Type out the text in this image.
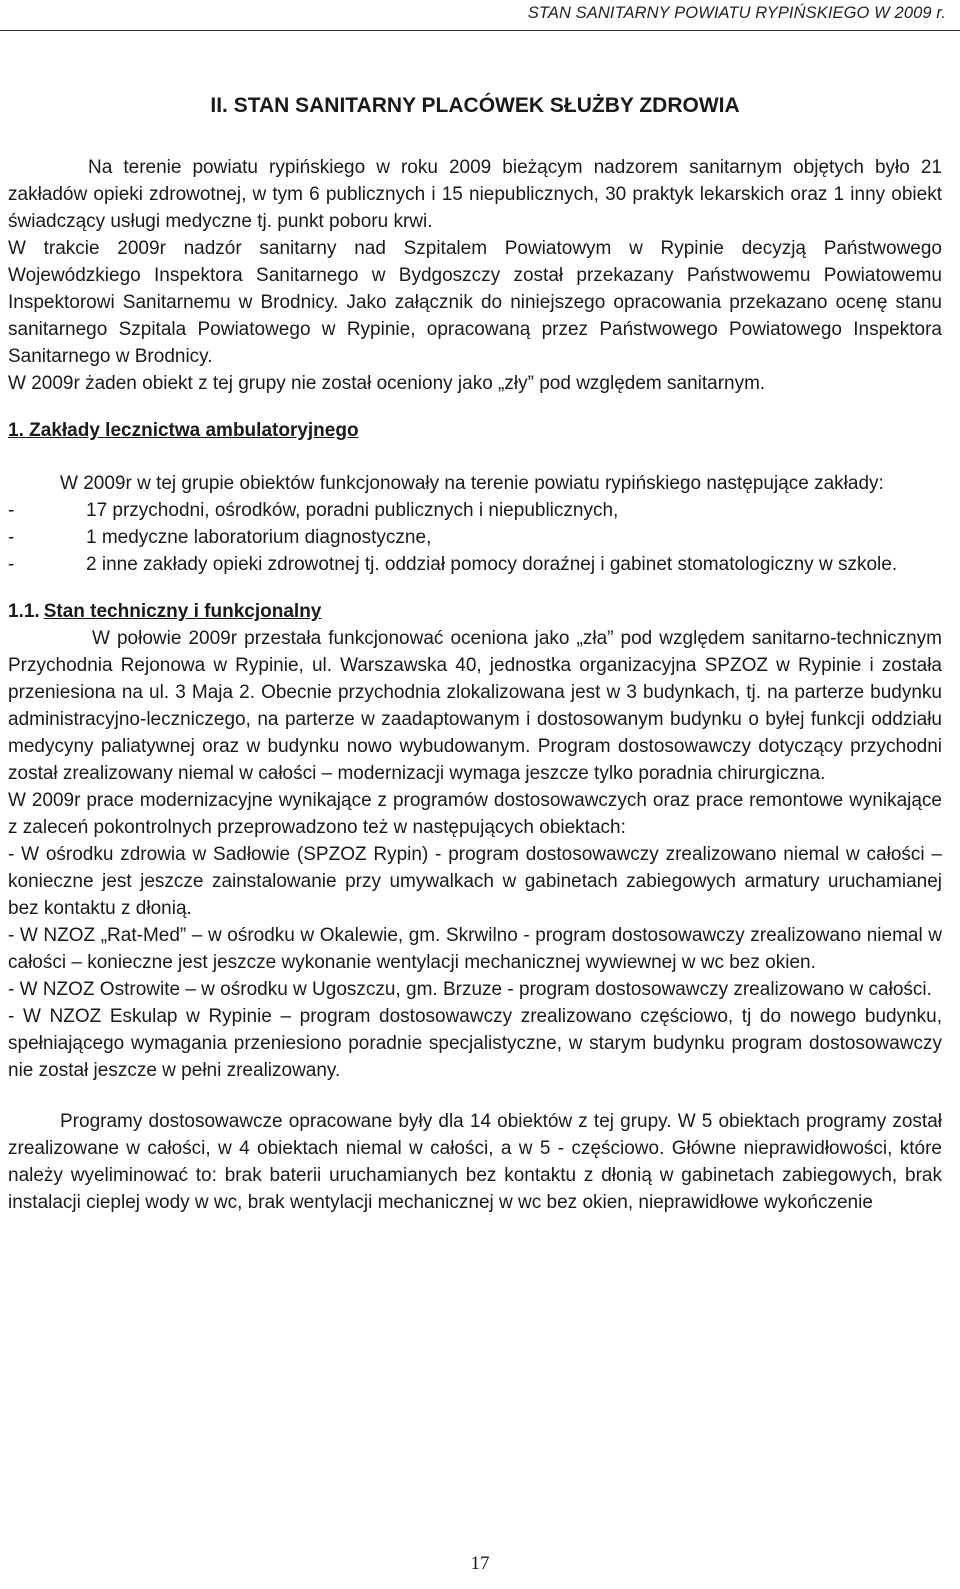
STAN SANITARNY POWIATU RYPIŃSKIEGO W 2009 r.
II. STAN SANITARNY PLACÓWEK SŁUŻBY ZDROWIA

Na terenie powiatu rypińskiego w roku 2009 bieżącym nadzorem sanitarnym objętych było 21 zakładów opieki zdrowotnej, w tym 6 publicznych i 15 niepublicznych, 30 praktyk lekarskich oraz 1 inny obiekt świadczący usługi medyczne tj. punkt poboru krwi.

W trakcie 2009r nadzór sanitarny nad Szpitalem Powiatowym w Rypinie decyzją Państwowego Wojewódzkiego Inspektora Sanitarnego w Bydgoszczy został przekazany Państwowemu Powiatowemu Inspektorowi Sanitarnemu w Brodnicy. Jako załącznik do niniejszego opracowania przekazano ocenę stanu sanitarnego Szpitala Powiatowego w Rypinie, opracowaną przez Państwowego Powiatowego Inspektora Sanitarnego w Brodnicy.

W 2009r żaden obiekt z tej grupy nie został oceniony jako „zły” pod względem sanitarnym.

1. Zakłady lecznictwa ambulatoryjnego

W 2009r w tej grupie obiektów funkcjonowały na terenie powiatu rypińskiego następujące zakłady:

-	17 przychodni, ośrodków, poradni publicznych i niepublicznych,
-	1 medyczne laboratorium diagnostyczne,
-	2 inne zakłady opieki zdrowotnej tj. oddział pomocy doraźnej i gabinet stomatologiczny w szkole.
1.1. Stan techniczny i funkcjonalny

W połowie 2009r przestała funkcjonować oceniona jako „zła” pod względem sanitarno-technicznym Przychodnia Rejonowa w Rypinie, ul. Warszawska 40, jednostka organizacyjna SPZOZ w Rypinie i została przeniesiona na ul. 3 Maja 2. Obecnie przychodnia zlokalizowana jest w 3 budynkach, tj. na parterze budynku administracyjno-leczniczego, na parterze w zaadaptowanym i dostosowanym budynku o byłej funkcji oddziału medycyny paliatywnej oraz w budynku nowo wybudowanym. Program dostosowawczy dotyczący przychodni został zrealizowany niemal w całości – modernizacji wymaga jeszcze tylko poradnia chirurgiczna.

W 2009r prace modernizacyjne wynikające z programów dostosowawczych oraz prace remontowe wynikające z zaleceń pokontrolnych przeprowadzono też w następujących obiektach:

- W ośrodku zdrowia w Sadłowie (SPZOZ Rypin) - program dostosowawczy zrealizowano niemal w całości – konieczne jest jeszcze zainstalowanie przy umywalkach w gabinetach zabiegowych armatury uruchamianej bez kontaktu z dłonią.

- W NZOZ „Rat-Med” – w ośrodku w Okalewie, gm. Skrwilno - program dostosowawczy zrealizowano niemal w całości – konieczne jest jeszcze wykonanie wentylacji mechanicznej wywiewnej w wc bez okien.

- W NZOZ Ostrowite – w ośrodku w Ugoszczu, gm. Brzuze - program dostosowawczy zrealizowano w całości.

- W NZOZ Eskulap w Rypinie – program dostosowawczy zrealizowano częściowo, tj do nowego budynku, spełniającego wymagania przeniesiono poradnie specjalistyczne, w starym budynku program dostosowawczy nie został jeszcze w pełni zrealizowany.

Programy dostosowawcze opracowane były dla 14 obiektów z tej grupy. W 5 obiektach programy został zrealizowane w całości, w 4 obiektach niemal w całości, a w 5 - częściowo. Główne nieprawidłowości, które należy wyeliminować to: brak baterii uruchamianych bez kontaktu z dłonią w gabinetach zabiegowych, brak instalacji cieplej wody w wc, brak wentylacji mechanicznej w wc bez okien, nieprawidłowe wykończenie

17
